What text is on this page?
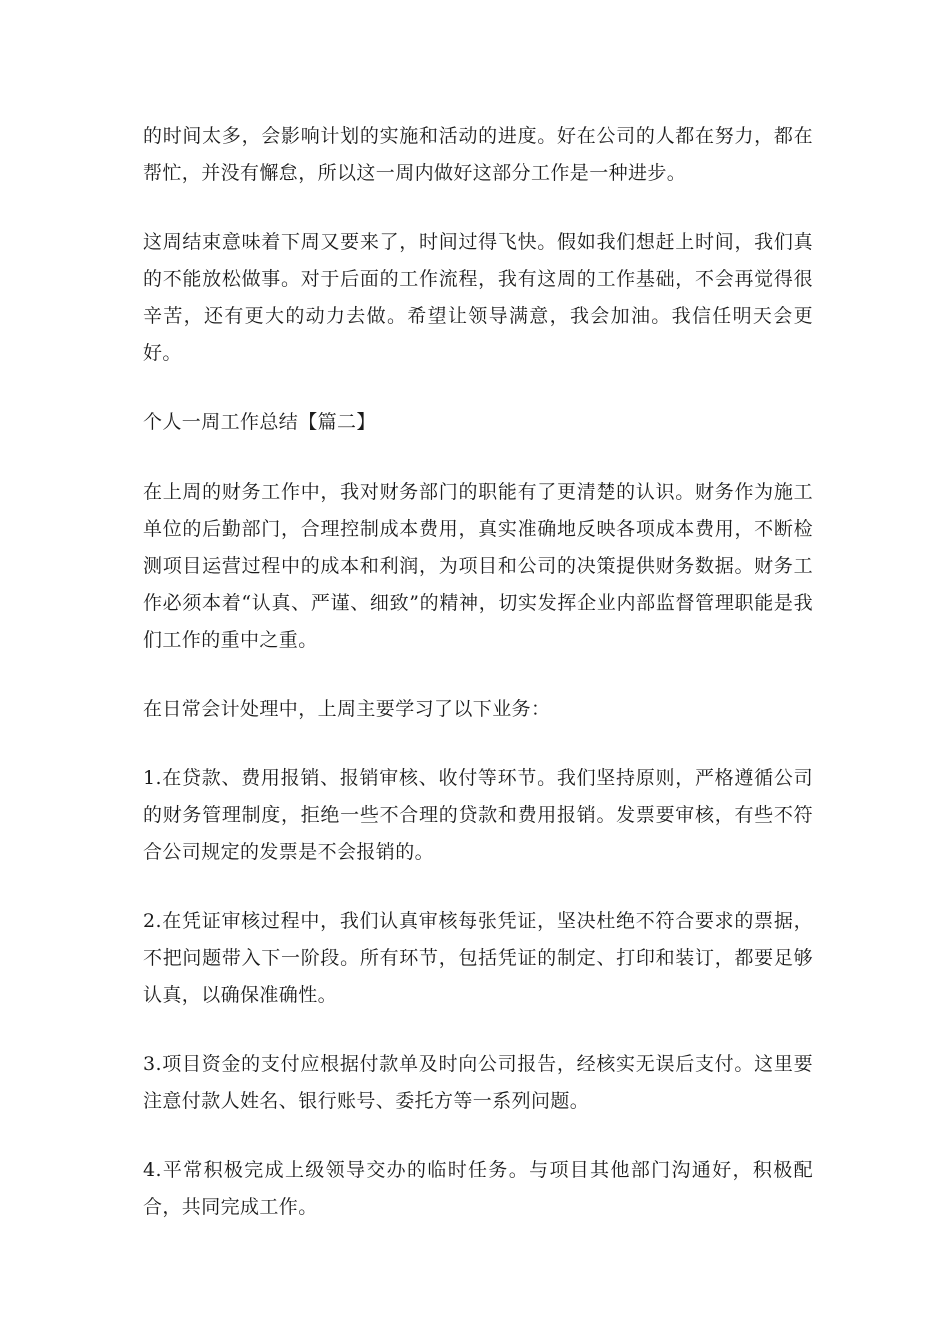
的时间太多，会影响计划的实施和活动的进度。好在公司的人都在努力，都在帮忙，并没有懈怠，所以这一周内做好这部分工作是一种进步。

这周结束意味着下周又要来了，时间过得飞快。假如我们想赶上时间，我们真的不能放松做事。对于后面的工作流程，我有这周的工作基础，不会再觉得很辛苦，还有更大的动力去做。希望让领导满意，我会加油。我信任明天会更好。

个人一周工作总结【篇二】

在上周的财务工作中，我对财务部门的职能有了更清楚的认识。财务作为施工单位的后勤部门，合理控制成本费用，真实准确地反映各项成本费用，不断检测项目运营过程中的成本和利润，为项目和公司的决策提供财务数据。财务工作必须本着“认真、严谨、细致”的精神，切实发挥企业内部监督管理职能是我们工作的重中之重。

在日常会计处理中，上周主要学习了以下业务：

1.在贷款、费用报销、报销审核、收付等环节。我们坚持原则，严格遵循公司的财务管理制度，拒绝一些不合理的贷款和费用报销。发票要审核，有些不符合公司规定的发票是不会报销的。

2.在凭证审核过程中，我们认真审核每张凭证，坚决杜绝不符合要求的票据，不把问题带入下一阶段。所有环节，包括凭证的制定、打印和装订，都要足够认真，以确保准确性。

3.项目资金的支付应根据付款单及时向公司报告，经核实无误后支付。这里要注意付款人姓名、银行账号、委托方等一系列问题。

4.平常积极完成上级领导交办的临时任务。与项目其他部门沟通好，积极配合，共同完成工作。
